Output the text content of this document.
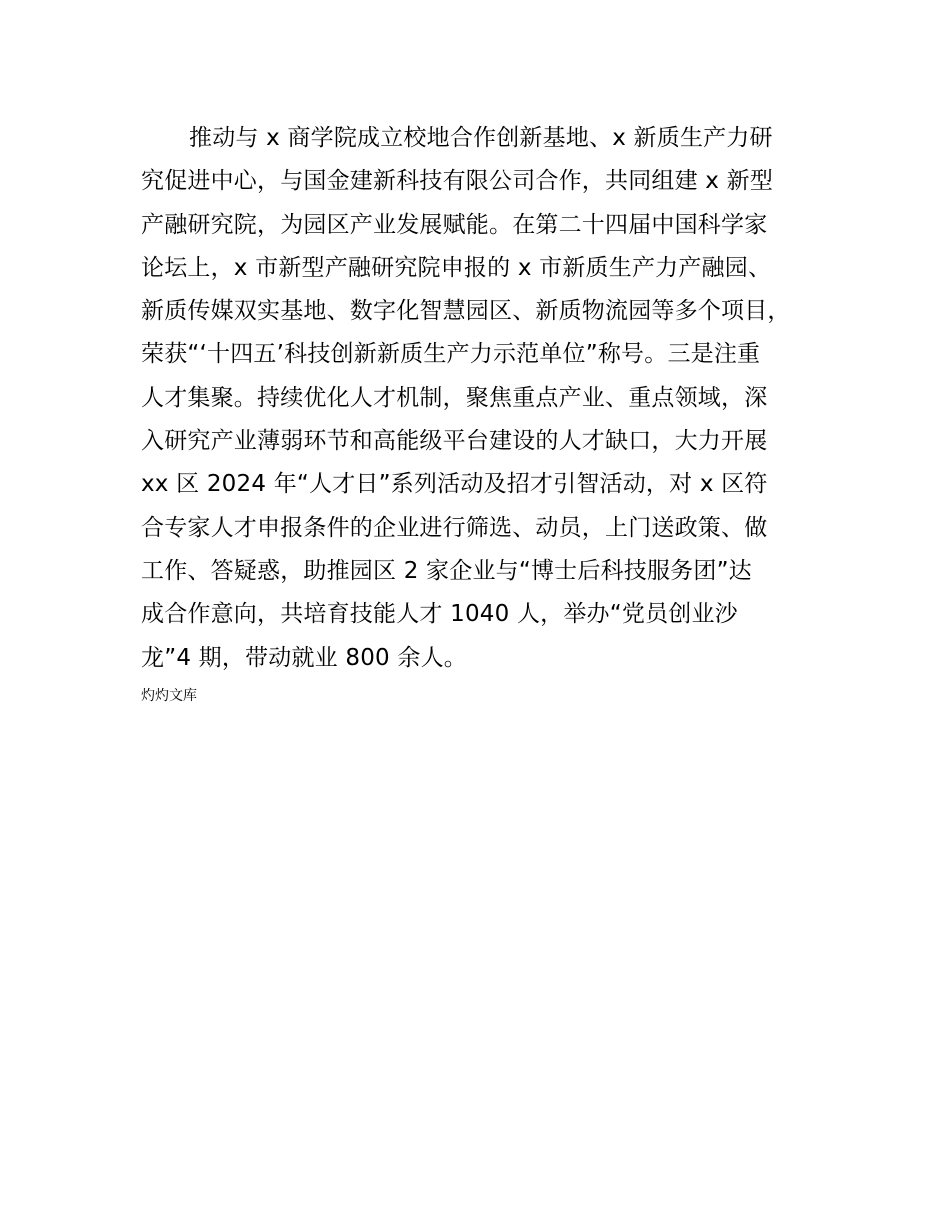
推动与 x 商学院成立校地合作创新基地、x 新质生产力研
究促进中心，与国金建新科技有限公司合作，共同组建 x 新型
产融研究院，为园区产业发展赋能。在第二十四届中国科学家
论坛上，x 市新型产融研究院申报的 x 市新质生产力产融园、
新质传媒双实基地、数字化智慧园区、新质物流园等多个项目，
荣获“‘十四五’科技创新新质生产力示范单位”称号。三是注重
人才集聚。持续优化人才机制，聚焦重点产业、重点领域，深
入研究产业薄弱环节和高能级平台建设的人才缺口，大力开展
xx 区 2024 年“人才日”系列活动及招才引智活动，对 x 区符
合专家人才申报条件的企业进行筛选、动员，上门送政策、做
工作、答疑惑，助推园区 2 家企业与“博士后科技服务团”达
成合作意向，共培育技能人才 1040 人，举办“党员创业沙
龙”4 期，带动就业 800 余人。
灼灼文库
